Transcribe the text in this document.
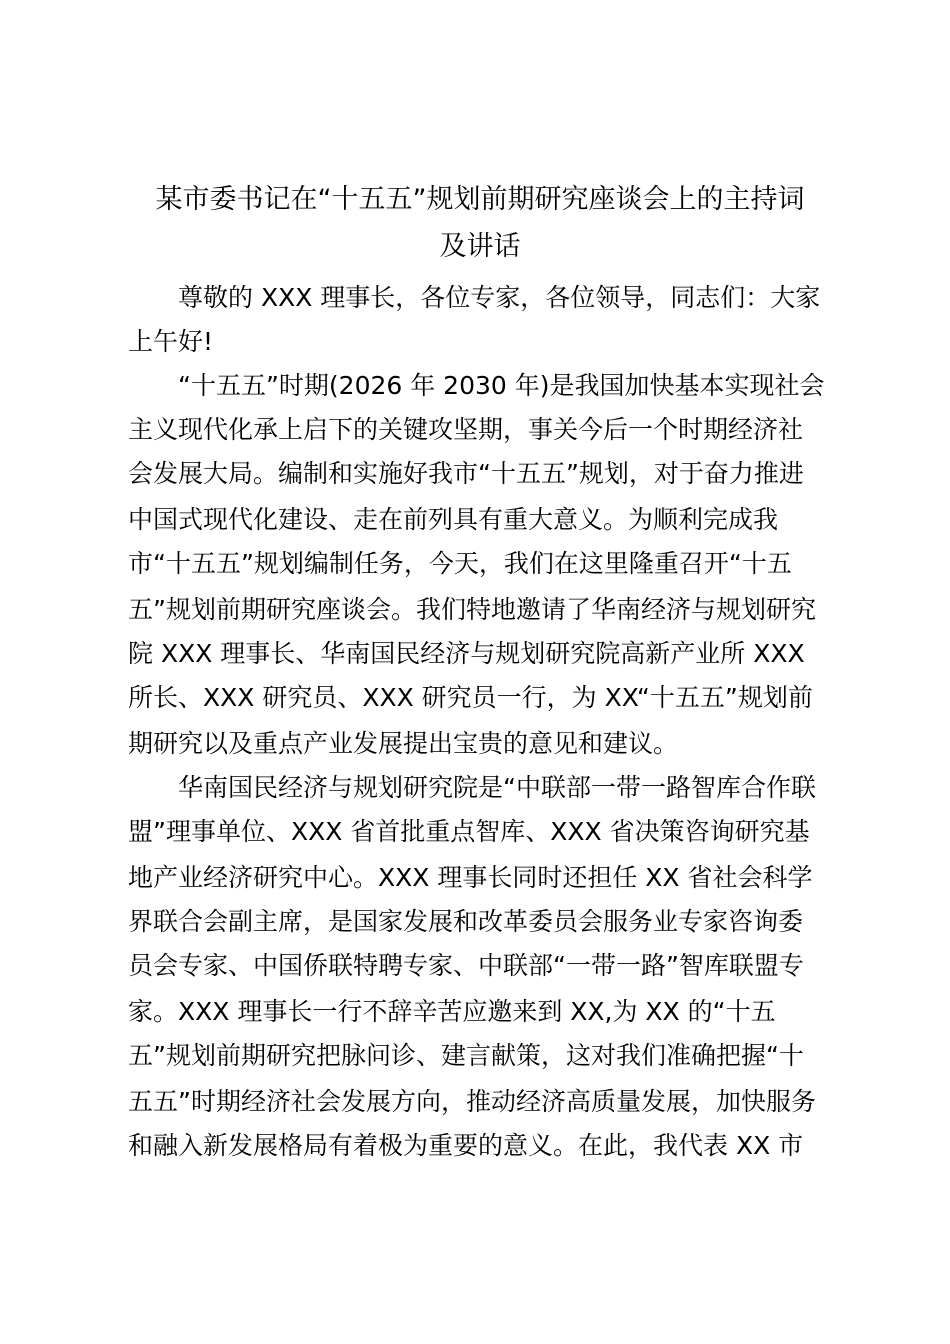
某市委书记在“十五五”规划前期研究座谈会上的主持词
及讲话
尊敬的 XXX 理事长，各位专家，各位领导，同志们：大家
上午好!
“十五五”时期(2026 年 2030 年)是我国加快基本实现社会
主义现代化承上启下的关键攻坚期，事关今后一个时期经济社
会发展大局。编制和实施好我市“十五五”规划，对于奋力推进
中国式现代化建设、走在前列具有重大意义。为顺利完成我
市“十五五”规划编制任务，今天，我们在这里隆重召开“十五
五”规划前期研究座谈会。我们特地邀请了华南经济与规划研究
院 XXX 理事长、华南国民经济与规划研究院高新产业所 XXX
所长、XXX 研究员、XXX 研究员一行，为 XX“十五五”规划前
期研究以及重点产业发展提出宝贵的意见和建议。
华南国民经济与规划研究院是“中联部一带一路智库合作联
盟”理事单位、XXX 省首批重点智库、XXX 省决策咨询研究基
地产业经济研究中心。XXX 理事长同时还担任 XX 省社会科学
界联合会副主席，是国家发展和改革委员会服务业专家咨询委
员会专家、中国侨联特聘专家、中联部“一带一路”智库联盟专
家。XXX 理事长一行不辞辛苦应邀来到 XX,为 XX 的“十五
五”规划前期研究把脉问诊、建言献策，这对我们准确把握“十
五五”时期经济社会发展方向，推动经济高质量发展，加快服务
和融入新发展格局有着极为重要的意义。在此，我代表 XX 市
